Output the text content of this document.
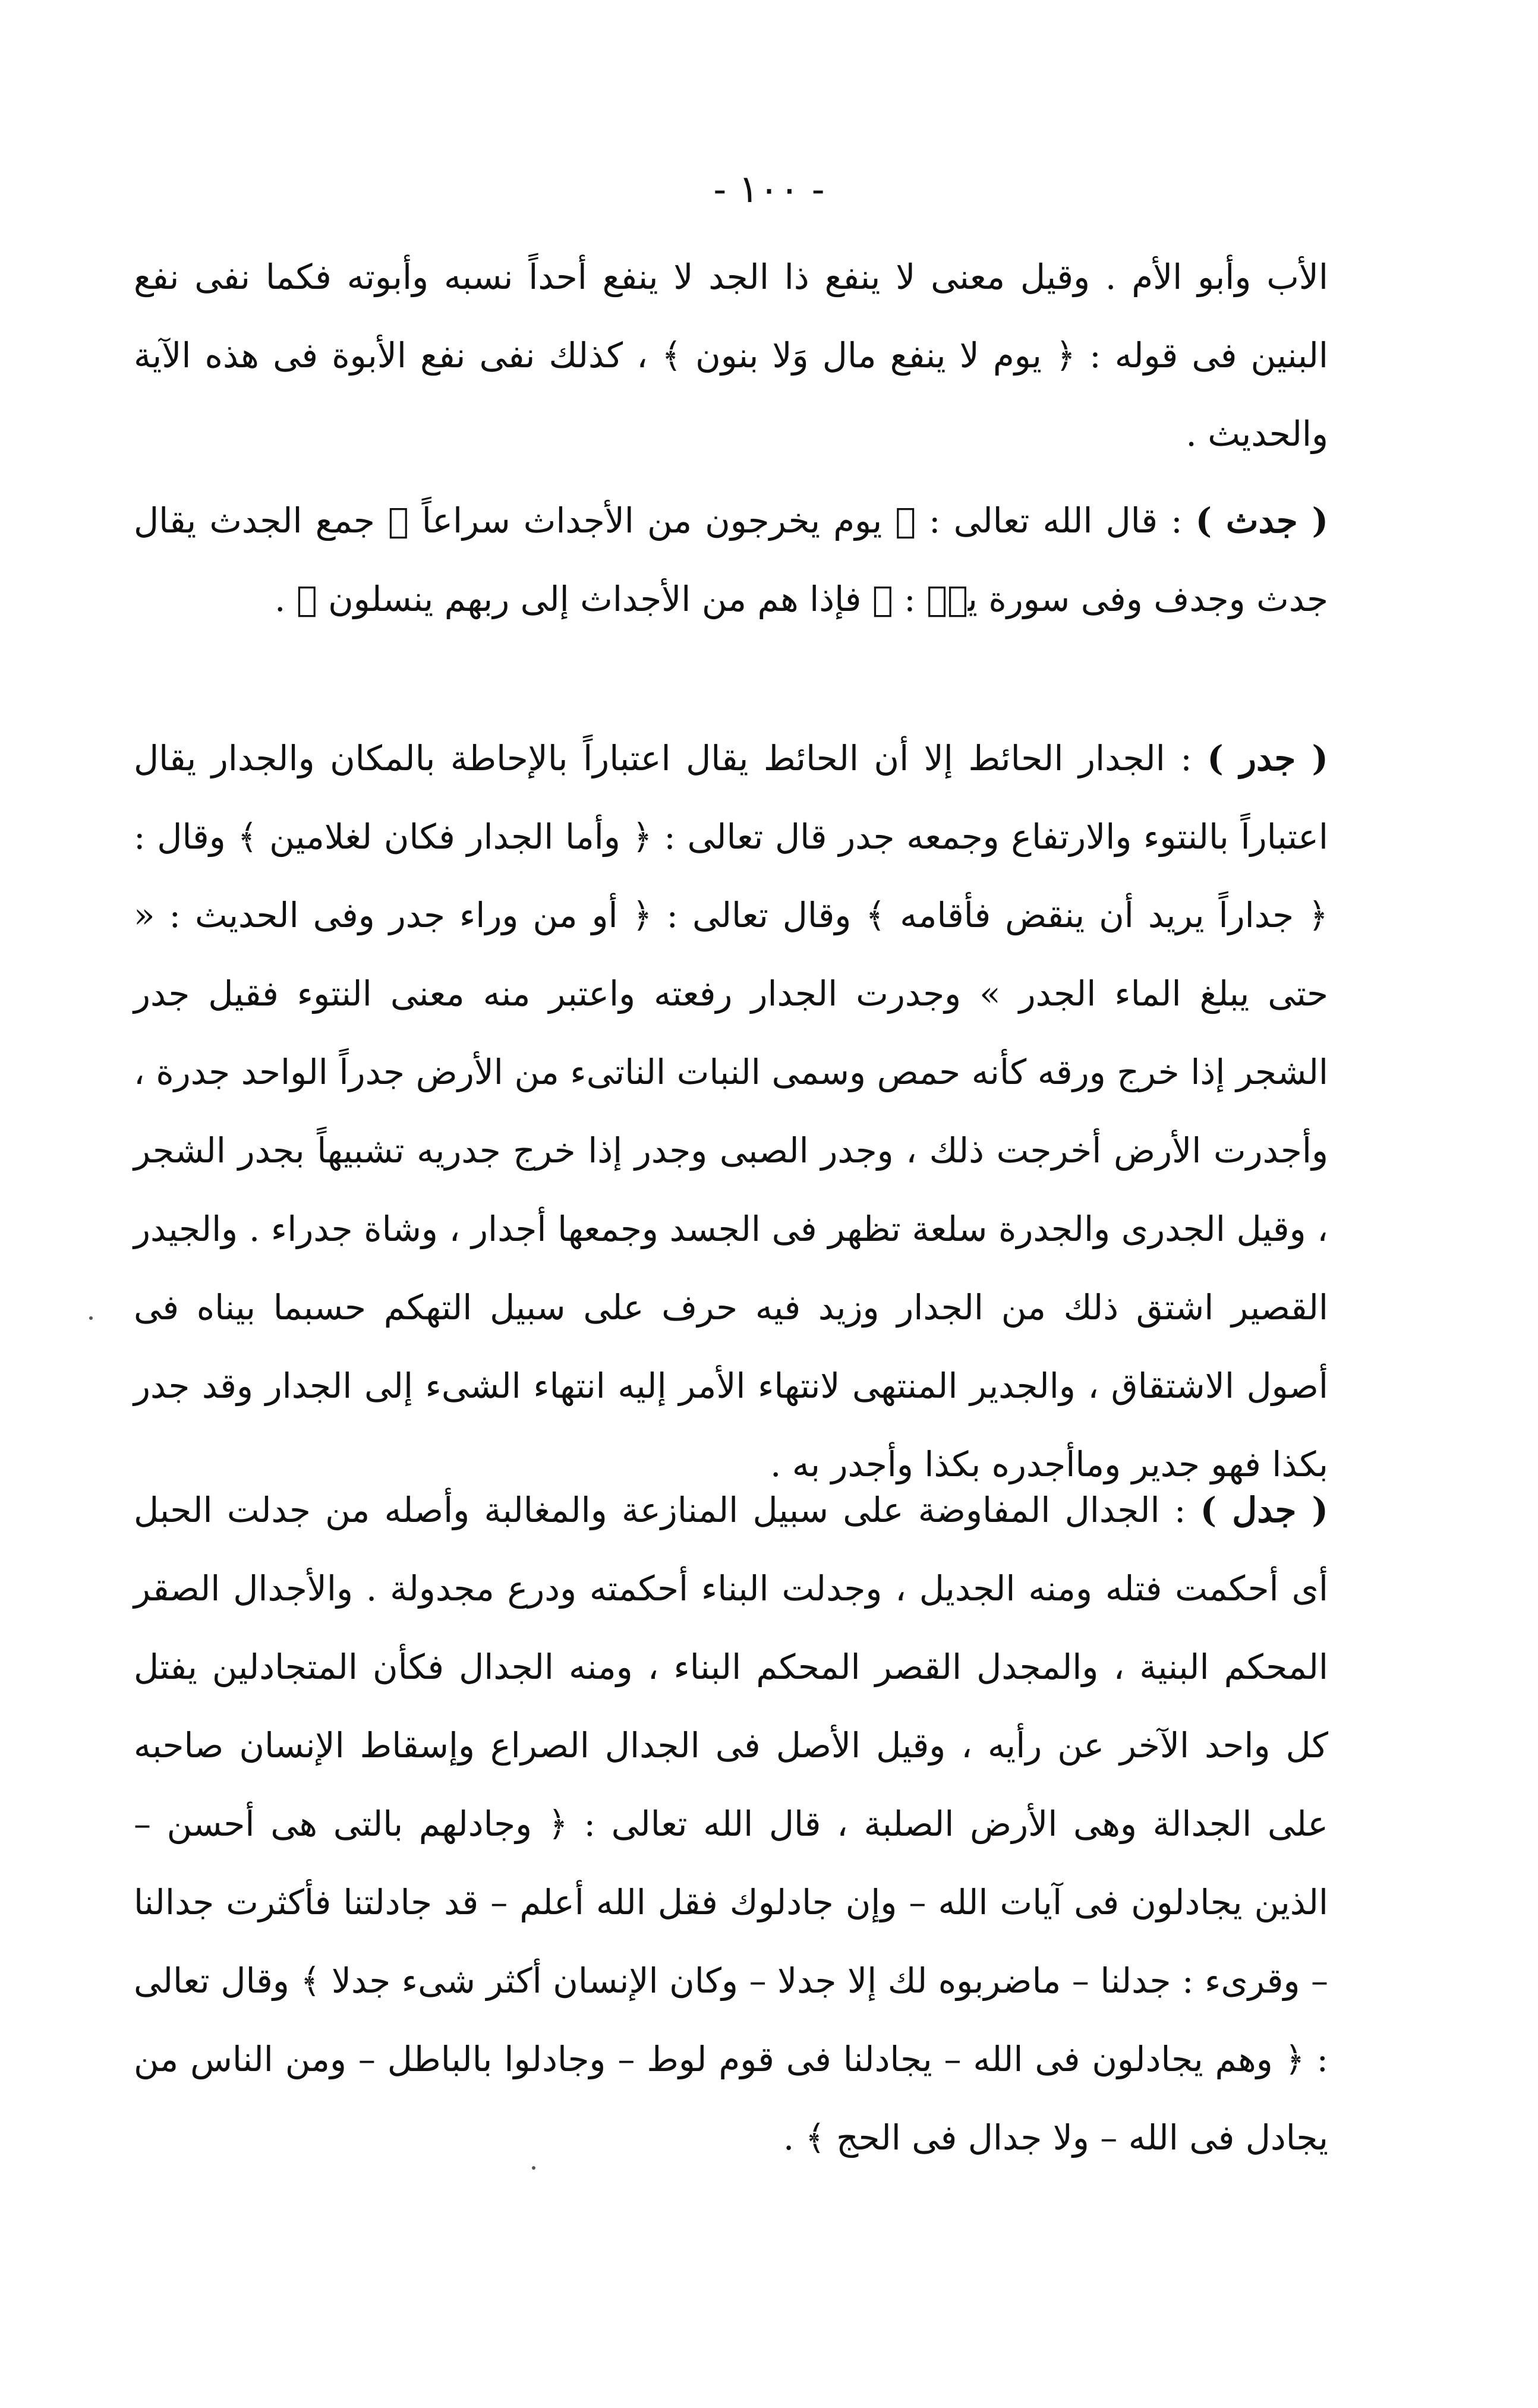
- ١٠٠ -

الأب وأبو الأم . وقيل معنى لا ينفع ذا الجد لا ينفع أحداً نسبه وأبوته فكما نفى نفع البنين فى قوله : ﴿ يوم لا ينفع مال وَلا بنون ﴾ ، كذلك نفى نفع الأبوة فى هذه الآية والحديث .

( جدث ) : قال الله تعالى : ﴿ يوم يخرجون من الأجداث سراعاً ﴾ جمع الجدث يقال جدث وجدف وفى سورة يسۤ : ﴿ فإذا هم من الأجداث إلى ربهم ينسلون ﴾ .

( جدر ) : الجدار الحائط إلا أن الحائط يقال اعتباراً بالإحاطة بالمكان والجدار يقال اعتباراً بالنتوء والارتفاع وجمعه جدر قال تعالى : ﴿ وأما الجدار فكان لغلامين ﴾ وقال : ﴿ جداراً يريد أن ينقض فأقامه ﴾ وقال تعالى : ﴿ أو من وراء جدر وفى الحديث : « حتى يبلغ الماء الجدر » وجدرت الجدار رفعته واعتبر منه معنى النتوء فقيل جدر الشجر إذا خرج ورقه كأنه حمص وسمى النبات الناتىء من الأرض جدراً الواحد جدرة ، وأجدرت الأرض أخرجت ذلك ، وجدر الصبى وجدر إذا خرج جدريه تشبيهاً بجدر الشجر ، وقيل الجدرى والجدرة سلعة تظهر فى الجسد وجمعها أجدار ، وشاة جدراء . والجيدر القصير اشتق ذلك من الجدار وزيد فيه حرف على سبيل التهكم حسبما بيناه فى أصول الاشتقاق ، والجدير المنتهى لانتهاء الأمر إليه انتهاء الشىء إلى الجدار وقد جدر بكذا فهو جدير وماأجدره بكذا وأجدر به .

( جدل ) : الجدال المفاوضة على سبيل المنازعة والمغالبة وأصله من جدلت الحبل أى أحكمت فتله ومنه الجديل ، وجدلت البناء أحكمته ودرع مجدولة . والأجدال الصقر المحكم البنية ، والمجدل القصر المحكم البناء ، ومنه الجدال فكأن المتجادلين يفتل كل واحد الآخر عن رأيه ، وقيل الأصل فى الجدال الصراع وإسقاط الإنسان صاحبه على الجدالة وهى الأرض الصلبة ، قال الله تعالى : ﴿ وجادلهم بالتى هى أحسن – الذين يجادلون فى آيات الله – وإن جادلوك فقل الله أعلم – قد جادلتنا فأكثرت جدالنا – وقرىء : جدلنا – ماضربوه لك إلا جدلا – وكان الإنسان أكثر شىء جدلا ﴾ وقال تعالى : ﴿ وهم يجادلون فى الله – يجادلنا فى قوم لوط – وجادلوا بالباطل – ومن الناس من يجادل فى الله – ولا جدال فى الحج ﴾ .
